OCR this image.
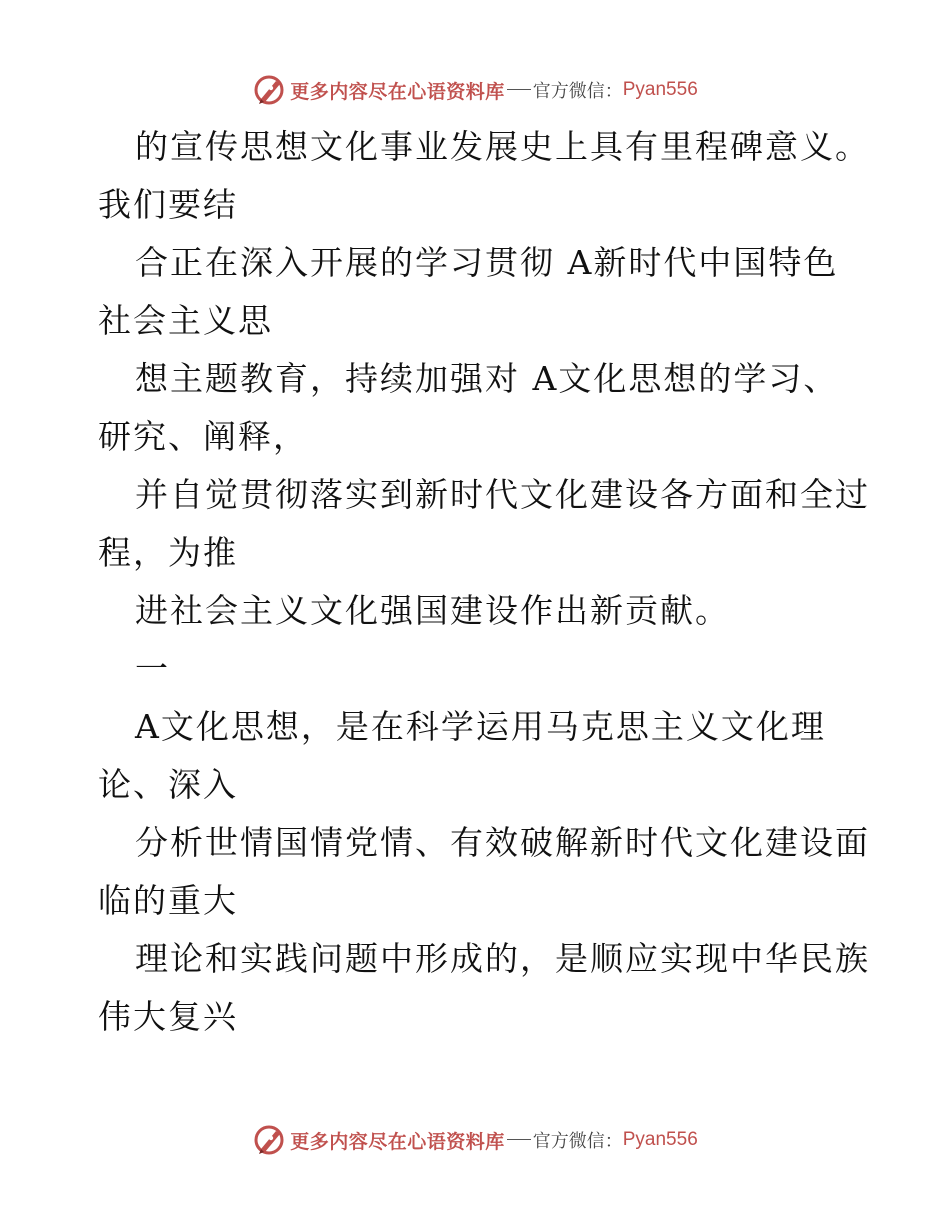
更多内容尽在心语资料库 官方微信： Pyan556
的宣传思想文化事业发展史上具有里程碑意义。
我们要结
合正在深入开展的学习贯彻 A新时代中国特色
社会主义思
想主题教育，持续加强对 A文化思想的学习、
研究、阐释，
并自觉贯彻落实到新时代文化建设各方面和全过
程，为推
进社会主义文化强国建设作出新贡献。
一
A文化思想，是在科学运用马克思主义文化理
论、深入
分析世情国情党情、有效破解新时代文化建设面
临的重大
理论和实践问题中形成的，是顺应实现中华民族
伟大复兴
更多内容尽在心语资料库 官方微信： Pyan556
